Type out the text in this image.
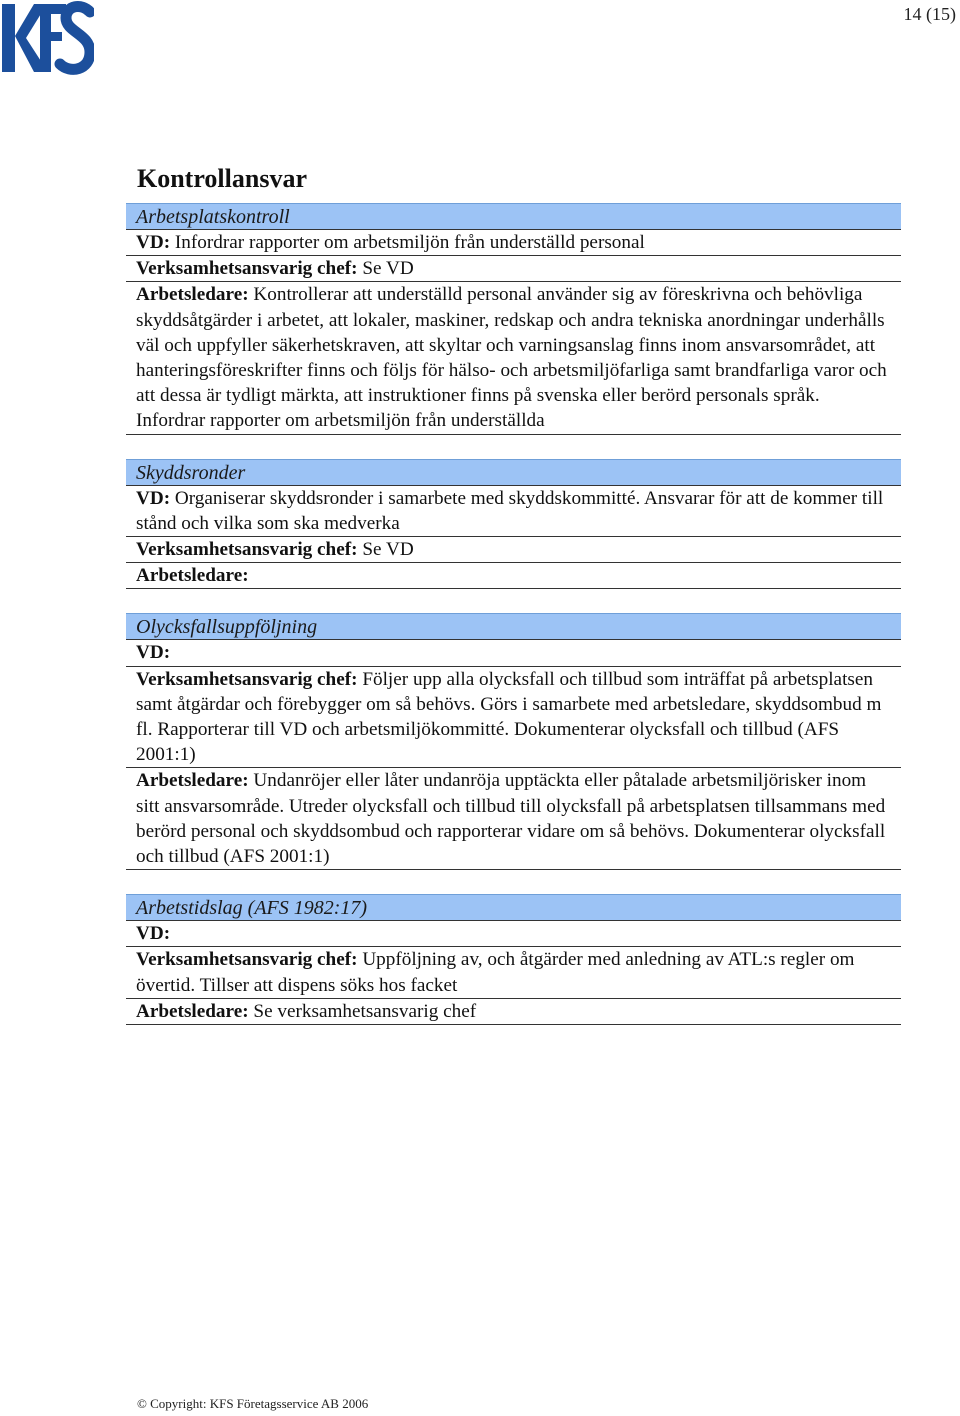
14 (15)
Kontrollansvar
Arbetsplatskontroll
VD: Infordrar rapporter om arbetsmiljön från underställd personal
Verksamhetsansvarig chef: Se VD
Arbetsledare: Kontrollerar att underställd personal använder sig av föreskrivna och behövliga skyddsåtgärder i arbetet, att lokaler, maskiner, redskap och andra tekniska anordningar underhålls väl och uppfyller säkerhetskraven, att skyltar och varningsanslag finns inom ansvarsområdet, att hanteringsföreskrifter finns och följs för hälso- och arbetsmiljöfarliga samt brandfarliga varor och att dessa är tydligt märkta, att instruktioner finns på svenska eller berörd personals språk. Infordrar rapporter om arbetsmiljön från underställda
Skyddsronder
VD: Organiserar skyddsronder i samarbete med skyddskommitté. Ansvarar för att de kommer till stånd och vilka som ska medverka
Verksamhetsansvarig chef: Se VD
Arbetsledare:
Olycksfallsuppföljning
VD:
Verksamhetsansvarig chef: Följer upp alla olycksfall och tillbud som inträffat på arbetsplatsen samt åtgärdar och förebygger om så behövs. Görs i samarbete med arbetsledare, skyddsombud m fl. Rapporterar till VD och arbetsmiljökommitté. Dokumenterar olycksfall och tillbud (AFS 2001:1)
Arbetsledare: Undanröjer eller låter undanröja upptäckta eller påtalade arbetsmiljörisker inom sitt ansvarsområde. Utreder olycksfall och tillbud till olycksfall på arbetsplatsen tillsammans med berörd personal och skyddsombud och rapporterar vidare om så behövs. Dokumenterar olycksfall och tillbud (AFS 2001:1)
Arbetstidslag (AFS 1982:17)
VD:
Verksamhetsansvarig chef: Uppföljning av, och åtgärder med anledning av ATL:s regler om övertid. Tillser att dispens söks hos facket
Arbetsledare: Se verksamhetsansvarig chef
© Copyright: KFS Företagsservice AB 2006
